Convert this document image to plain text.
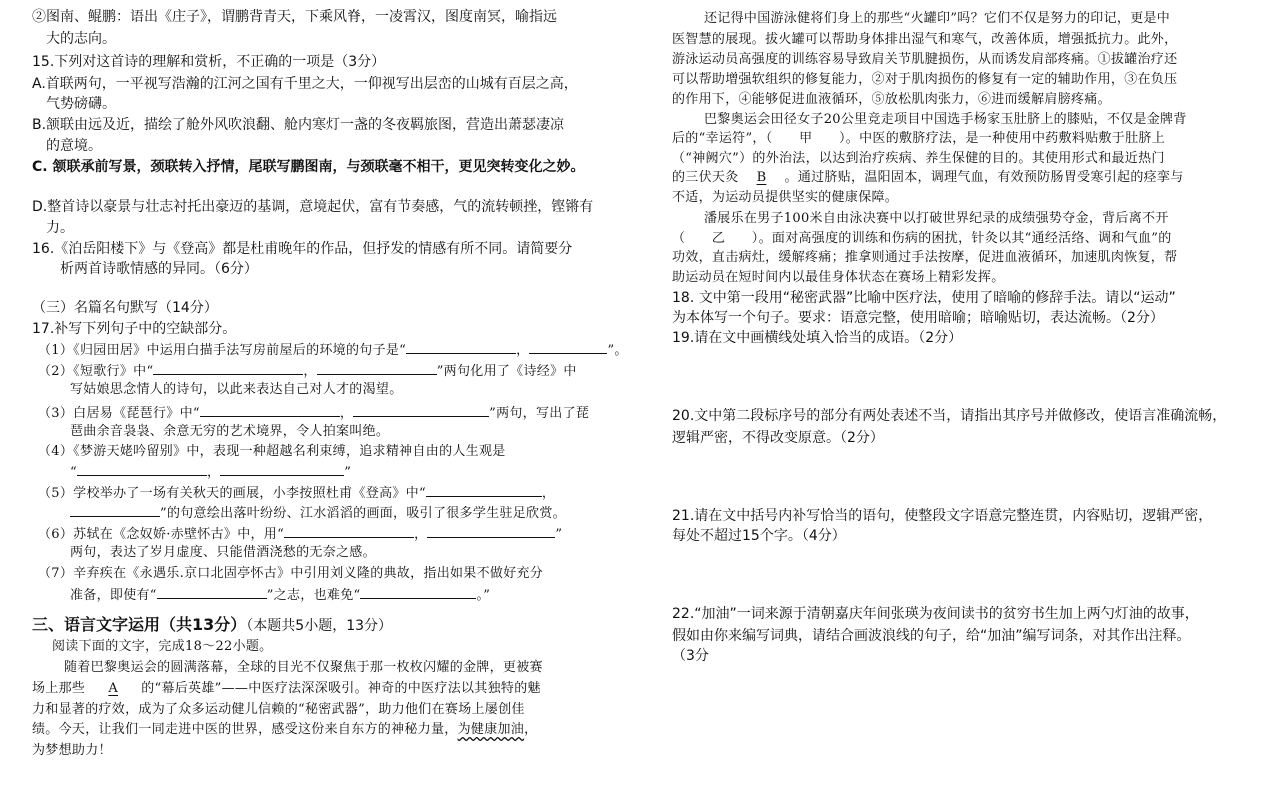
②图南、鲲鹏：语出《庄子》，谓鹏背青天，下乘风脊，一凌霄汉，图度南冥，喻指远
大的志向。
15.下列对这首诗的理解和赏析，不正确的一项是（3分）
A.首联两句，一平视写浩瀚的江河之国有千里之大，一仰视写出层峦的山城有百层之高，
气势磅礴。
B.颔联由远及近，描绘了舱外风吹浪翻、舱内寒灯一盏的冬夜羁旅图，营造出萧瑟凄凉
的意境。
C. 颔联承前写景，颈联转入抒情，尾联写鹏图南，与颈联毫不相干，更见突转变化之妙。
D.整首诗以豪景与壮志衬托出豪迈的基调，意境起伏，富有节奏感，气的流转顿挫，铿锵有
力。
16.《泊岳阳楼下》与《登高》都是杜甫晚年的作品，但抒发的情感有所不同。请简要分
析两首诗歌情感的异同。（6分）
（三）名篇名句默写（14分）
17.补写下列句子中的空缺部分。
（1）《归园田居》中运用白描手法写房前屋后的环境的句子是“	，	”。
（2）《短歌行》中“	，	”两句化用了《诗经》中
写姑娘思念情人的诗句，以此来表达自己对人才的渴望。
（3）白居易《琵琶行》中“	，	”两句，写出了琵
琶曲余音袅袅、余意无穷的艺术境界，令人拍案叫绝。
（4）《梦游天姥吟留别》中，表现一种超越名利束缚，追求精神自由的人生观是
“	，	”
（5）学校举办了一场有关秋天的画展，小李按照杜甫《登高》中“	，
”的句意绘出落叶纷纷、江水滔滔的画面，吸引了很多学生驻足欣赏。
（6）苏轼在《念奴娇·赤壁怀古》中，用“	，	”
两句，表达了岁月虚度、只能借酒浇愁的无奈之感。
（7）辛弃疾在《永遇乐.京口北固亭怀古》中引用刘义隆的典故，指出如果不做好充分
准备，即使有“	”之志，也难免“	。”
三、语言文字运用（共13分）（本题共5小题，13分）
阅读下面的文字，完成18～22小题。
随着巴黎奥运会的圆满落幕，全球的目光不仅聚焦于那一枚枚闪耀的金牌，更被赛
场上那些 A 的“幕后英雄”——中医疗法深深吸引。神奇的中医疗法以其独特的魅
力和显著的疗效，成为了众多运动健儿信赖的“秘密武器”，助力他们在赛场上屡创佳
绩。今天，让我们一同走进中医的世界，感受这份来自东方的神秘力量，为健康加油，
为梦想助力！
还记得中国游泳健将们身上的那些“火罐印”吗？它们不仅是努力的印记，更是中
医智慧的展现。拔火罐可以帮助身体排出湿气和寒气，改善体质，增强抵抗力。此外，
游泳运动员高强度的训练容易导致肩关节肌腱损伤，从而诱发肩部疼痛。①拔罐治疗还
可以帮助增强软组织的修复能力，②对于肌肉损伤的修复有一定的辅助作用，③在负压
的作用下，④能够促进血液循环，⑤放松肌肉张力，⑥进而缓解肩膀疼痛。
巴黎奥运会田径女子20公里竞走项目中国选手杨家玉肚脐上的膝贴，不仅是金牌背
后的“幸运符”，（　　甲　　）。中医的敷脐疗法，是一种使用中药敷料贴敷于肚脐上
（“神阙穴”）的外治法，以达到治疗疾病、养生保健的目的。其使用形式和最近热门
的三伏天灸 B 。通过脐贴，温阳固本，调理气血，有效预防肠胃受寒引起的痉挛与
不适，为运动员提供坚实的健康保障。
潘展乐在男子100米自由泳决赛中以打破世界纪录的成绩强势夺金，背后离不开
（　　乙　　）。面对高强度的训练和伤病的困扰，针灸以其“通经活络、调和气血”的
功效，直击病灶，缓解疼痛；推拿则通过手法按摩，促进血液循环，加速肌肉恢复，帮
助运动员在短时间内以最佳身体状态在赛场上精彩发挥。
18. 文中第一段用“秘密武器”比喻中医疗法，使用了暗喻的修辞手法。请以“运动”
为本体写一个句子。要求：语意完整，使用暗喻；暗喻贴切，表达流畅。（2分）
19.请在文中画横线处填入恰当的成语。（2分）
20.文中第二段标序号的部分有两处表述不当，请指出其序号并做修改，使语言准确流畅，
逻辑严密，不得改变原意。（2分）
21.请在文中括号内补写恰当的语句，使整段文字语意完整连贯，内容贴切，逻辑严密，
每处不超过15个字。（4分）
22.“加油”一词来源于清朝嘉庆年间张瑛为夜间读书的贫穷书生加上两勺灯油的故事，
假如由你来编写词典，请结合画波浪线的句子，给“加油”编写词条，对其作出注释。
（3分
